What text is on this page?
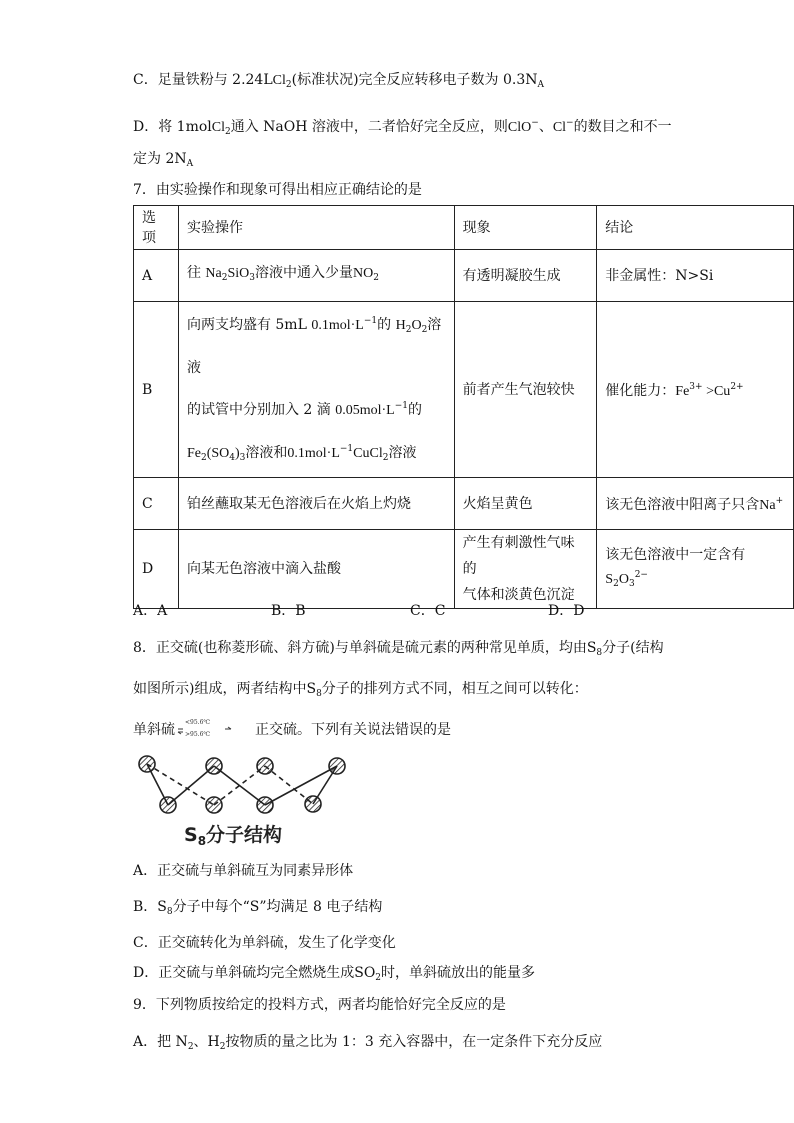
C．足量铁粉与 2.24LCl$_2$(标准状况)完全反应转移电子数为 $0.3N_A$
D．将 1molCl$_2$通入 NaOH 溶液中，二者恰好完全反应，则ClO−、Cl−的数目之和不一
定为 $2N_A$
7．由实验操作和现象可得出相应正确结论的是
选项	实验操作	现象	结论
A	往 $Na_2SiO_3$溶液中通入少量$NO_2$	有透明凝胶生成	非金属性：N>Si
B	向两支均盛有 5mL $0.1mol\cdot L^{-1}$的 $H_2O_2$溶液
的试管中分别加入 2 滴 $0.05mol\cdot L^{-1}$的
$Fe_2(SO_4)_3$溶液和$0.1mol\cdot L^{-1}CuCl_2$溶液	前者产生气泡较快	催化能力：$Fe^{3+} >Cu^{2+}$
C	铂丝蘸取某无色溶液后在火焰上灼烧	火焰呈黄色	该无色溶液中阳离子只含Na+
D	向某无色溶液中滴入盐酸	产生有刺激性气味的
气体和淡黄色沉淀	该无色溶液中一定含有$S_2O_3^{2-}$
A．A	B．B	C．C	D．D
8．正交硫(也称菱形硫、斜方硫)与单斜硫是硫元素的两种常见单质，均由$S_8$分子(结构
如图所示)组成，两者结构中$S_8$分子的排列方式不同，相互之间可以转化：
单斜硫 <95.6℃
>95.6℃	正交硫。下列有关说法错误的是
$S_8$分子结构
A．正交硫与单斜硫互为同素异形体
B．$S_8$分子中每个“S”均满足 8 电子结构
C．正交硫转化为单斜硫，发生了化学变化
D．正交硫与单斜硫均完全燃烧生成$SO_2$时，单斜硫放出的能量多
9．下列物质按给定的投料方式，两者均能恰好完全反应的是
A．把 $N_2$、$H_2$按物质的量之比为 1：3 充入容器中，在一定条件下充分反应
